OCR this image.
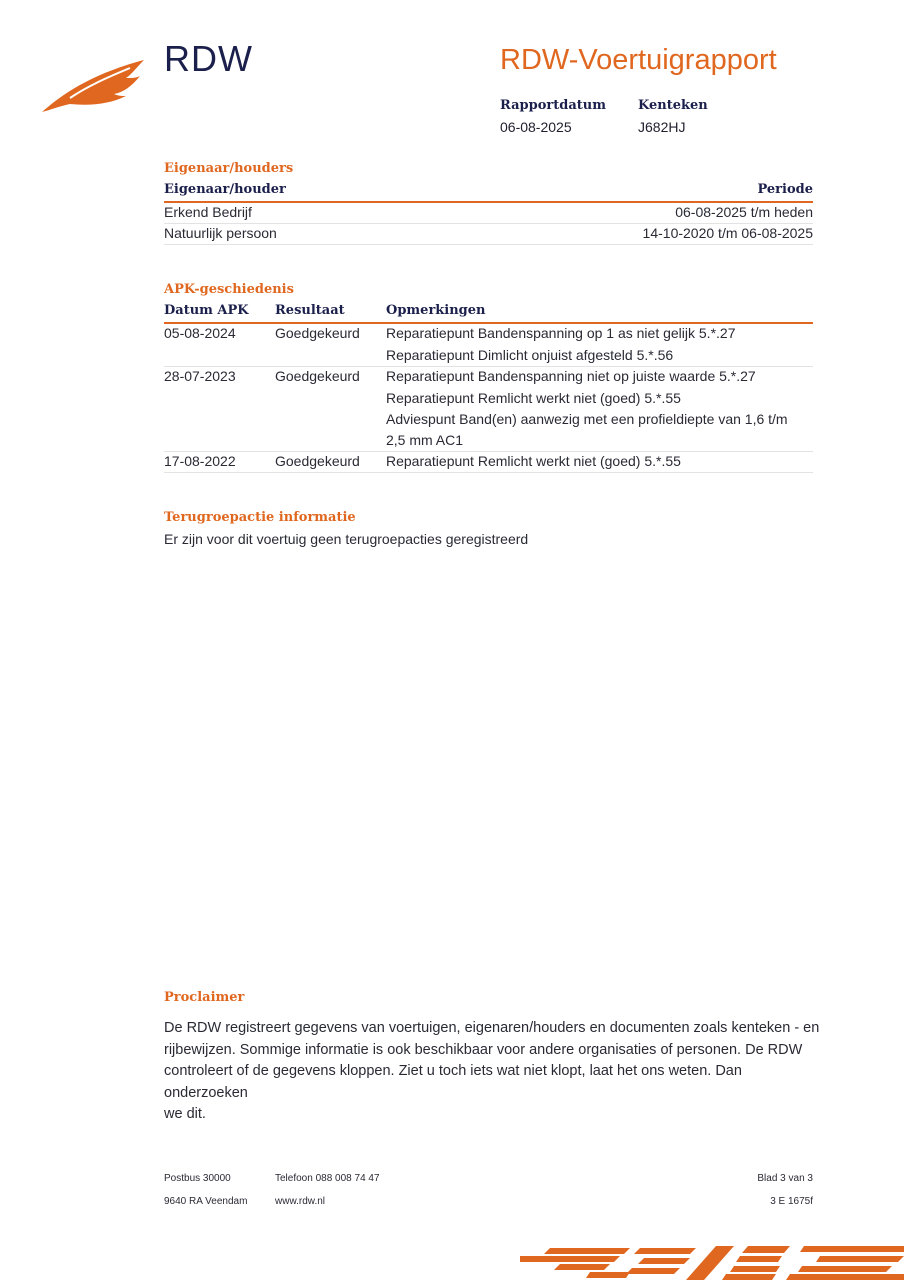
RDW	RDW-Voertuigrapport
Rapportdatum
06-08-2025
Kenteken
J682HJ
Eigenaar/houders
Eigenaar/houder	Periode
Erkend Bedrijf	06-08-2025 t/m heden
Natuurlijk persoon	14-10-2020 t/m 06-08-2025
APK-geschiedenis
Datum APK Resultaat	Opmerkingen
05-08-2024	Goedgekeurd Reparatiepunt Bandenspanning op 1 as niet gelijk 5.*.27
Reparatiepunt Dimlicht onjuist afgesteld 5.*.56
28-07-2023	Goedgekeurd Reparatiepunt Bandenspanning niet op juiste waarde 5.*.27
Reparatiepunt Remlicht werkt niet (goed) 5.*.55
Adviespunt Band(en) aanwezig met een profieldiepte van 1,6 t/m
2,5 mm AC1
17-08-2022	Goedgekeurd Reparatiepunt Remlicht werkt niet (goed) 5.*.55
Terugroepactie informatie
Er zijn voor dit voertuig geen terugroepacties geregistreerd
Proclaimer
De RDW registreert gegevens van voertuigen, eigenaren/houders en documenten zoals kenteken - en
rijbewijzen. Sommige informatie is ook beschikbaar voor andere organisaties of personen. De RDW
controleert of de gegevens kloppen. Ziet u toch iets wat niet klopt, laat het ons weten. Dan onderzoeken
we dit.
Postbus 30000
9640 RA Veendam
Telefoon 088 008 74 47
www.rdw.nl
Blad 3 van 3
3 E 1675f
